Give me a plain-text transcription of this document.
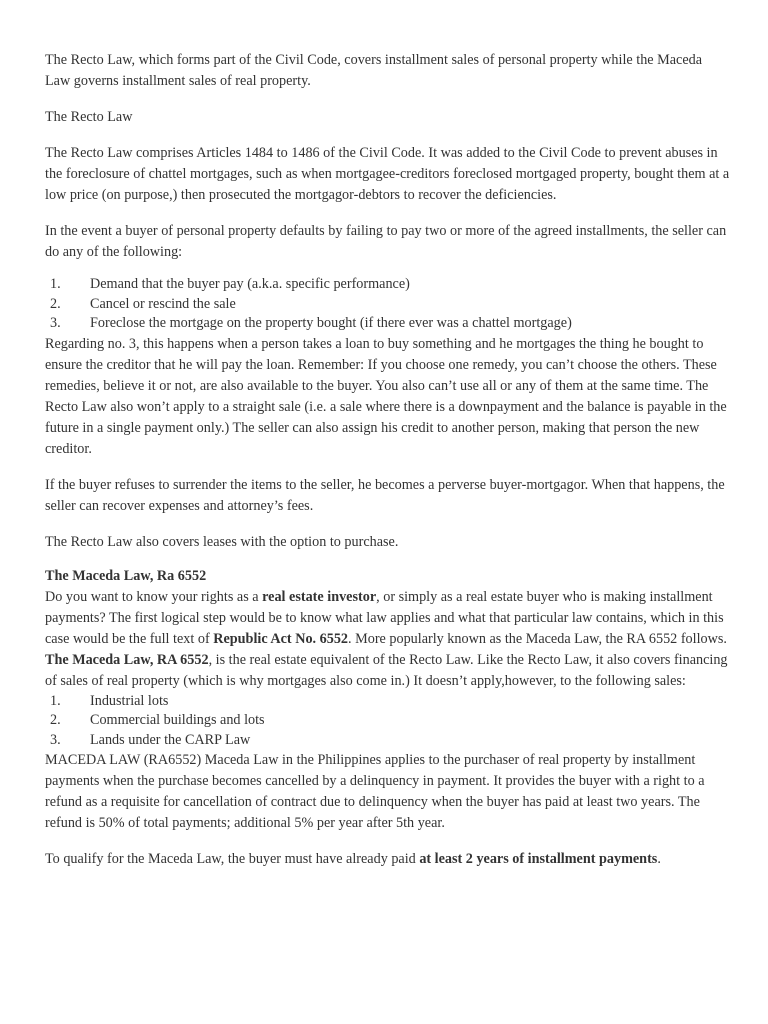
The Recto Law, which forms part of the Civil Code, covers installment sales of personal property while the Maceda Law governs installment sales of real property.

The Recto Law

The Recto Law comprises Articles 1484 to 1486 of the Civil Code. It was added to the Civil Code to prevent abuses in the foreclosure of chattel mortgages, such as when mortgagee-creditors foreclosed mortgaged property, bought them at a low price (on purpose,) then prosecuted the mortgagor-debtors to recover the deficiencies.

In the event a buyer of personal property defaults by failing to pay two or more of the agreed installments, the seller can do any of the following:

1. Demand that the buyer pay (a.k.a. specific performance)
2. Cancel or rescind the sale
3. Foreclose the mortgage on the property bought (if there ever was a chattel mortgage)

Regarding no. 3, this happens when a person takes a loan to buy something and he mortgages the thing he bought to ensure the creditor that he will pay the loan. Remember: If you choose one remedy, you can’t choose the others. These remedies, believe it or not, are also available to the buyer. You also can’t use all or any of them at the same time. The Recto Law also won’t apply to a straight sale (i.e. a sale where there is a downpayment and the balance is payable in the future in a single payment only.) The seller can also assign his credit to another person, making that person the new creditor.

If the buyer refuses to surrender the items to the seller, he becomes a perverse buyer-mortgagor. When that happens, the seller can recover expenses and attorney’s fees.

The Recto Law also covers leases with the option to purchase.

The Maceda Law, Ra 6552

Do you want to know your rights as a real estate investor, or simply as a real estate buyer who is making installment payments? The first logical step would be to know what law applies and what that particular law contains, which in this case would be the full text of Republic Act No. 6552. More popularly known as the Maceda Law, the RA 6552 follows.

The Maceda Law, RA 6552, is the real estate equivalent of the Recto Law. Like the Recto Law, it also covers financing of sales of real property (which is why mortgages also come in.) It doesn’t apply,however, to the following sales:

1. Industrial lots
2. Commercial buildings and lots
3. Lands under the CARP Law

MACEDA LAW (RA6552) Maceda Law in the Philippines applies to the purchaser of real property by installment payments when the purchase becomes cancelled by a delinquency in payment. It provides the buyer with a right to a refund as a requisite for cancellation of contract due to delinquency when the buyer has paid at least two years. The refund is 50% of total payments; additional 5% per year after 5th year.

To qualify for the Maceda Law, the buyer must have already paid at least 2 years of installment payments.
